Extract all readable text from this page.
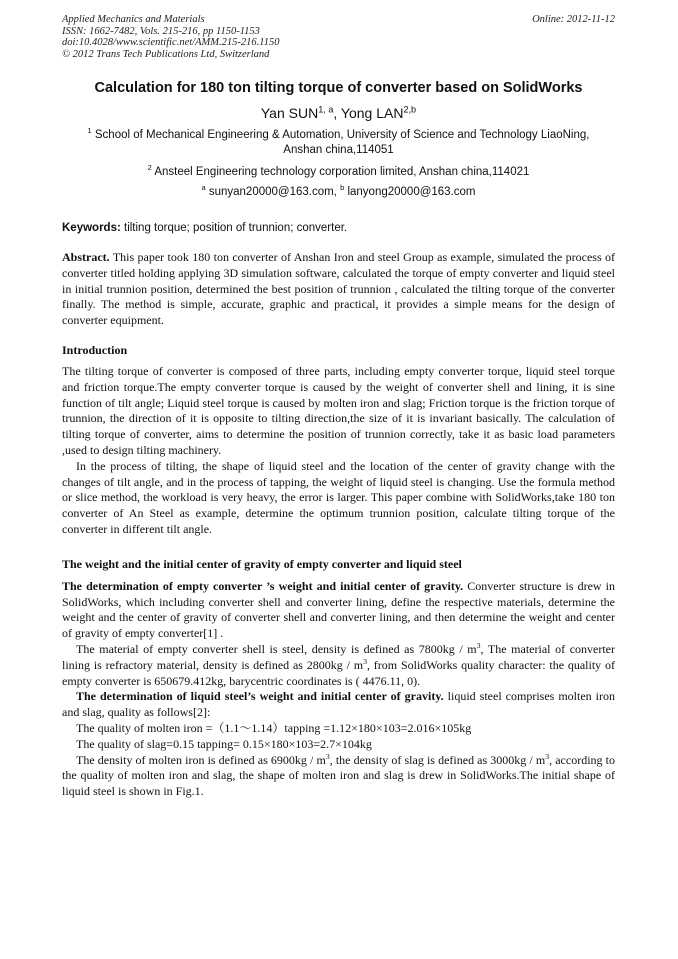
Applied Mechanics and Materials
ISSN: 1662-7482, Vols. 215-216, pp 1150-1153
doi:10.4028/www.scientific.net/AMM.215-216.1150
© 2012 Trans Tech Publications Ltd, Switzerland
Online: 2012-11-12
Calculation for 180 ton tilting torque of converter based on SolidWorks
Yan SUN$^{1, a}$, Yong LAN$^{2,b}$
$^1$ School of Mechanical Engineering & Automation, University of Science and Technology LiaoNing,
Anshan china,114051
$^2$ Ansteel Engineering technology corporation limited, Anshan china,114021
$^a$ sunyan20000@163.com, $^b$ lanyong20000@163.com
Keywords: tilting torque; position of trunnion; converter.

Abstract. This paper took 180 ton converter of Anshan Iron and steel Group as example, simulated the process of converter titled holding applying 3D simulation software, calculated the torque of empty converter and liquid steel in initial trunnion position, determined the best position of trunnion , calculated the tilting torque of the converter finally. The method is simple, accurate, graphic and practical, it provides a simple means for the design of converter equipment.

Introduction

The tilting torque of converter is composed of three parts, including empty converter torque, liquid steel torque and friction torque.The empty converter torque is caused by the weight of converter shell and lining, it is sine function of tilt angle; Liquid steel torque is caused by molten iron and slag; Friction torque is the friction torque of trunnion, the direction of it is opposite to tilting direction,the size of it is invariant basically. The calculation of tilting torque of converter, aims to determine the position of trunnion correctly, take it as basic load parameters ,used to design tilting machinery.

In the process of tilting, the shape of liquid steel and the location of the center of gravity change with the changes of tilt angle, and in the process of tapping, the weight of liquid steel is changing. Use the formula method or slice method, the workload is very heavy, the error is larger. This paper combine with SolidWorks,take 180 ton converter of An Steel as example, determine the optimum trunnion position, calculate tilting torque of the converter in different tilt angle.

The weight and the initial center of gravity of empty converter and liquid steel

The determination of empty converter ’s weight and initial center of gravity. Converter structure is drew in SolidWorks, which including converter shell and converter lining, define the respective materials, determine the weight and the center of gravity of converter shell and converter lining, and then determine the weight and center of gravity of empty converter[1] .

The material of empty converter shell is steel, density is defined as $7800kg / m^3$, The material of converter lining is refractory material, density is defined as $2800kg / m^3$, from SolidWorks quality character: the quality of empty converter is 650679.412kg, barycentric coordinates is ( 4476.11, 0).

The determination of liquid steel’s weight and initial center of gravity. liquid steel comprises molten iron and slag, quality as follows[2]:

The quality of molten iron =（1.1～1.14）tapping =1.12×180×103=2.016×105kg

The quality of slag=0.15 tapping= 0.15×180×103=2.7×104kg

The density of molten iron is defined as $6900kg / m^3$, the density of slag is defined as $3000kg / m^3$, according to the quality of molten iron and slag, the shape of molten iron and slag is drew in SolidWorks.The initial shape of liquid steel is shown in Fig.1.
